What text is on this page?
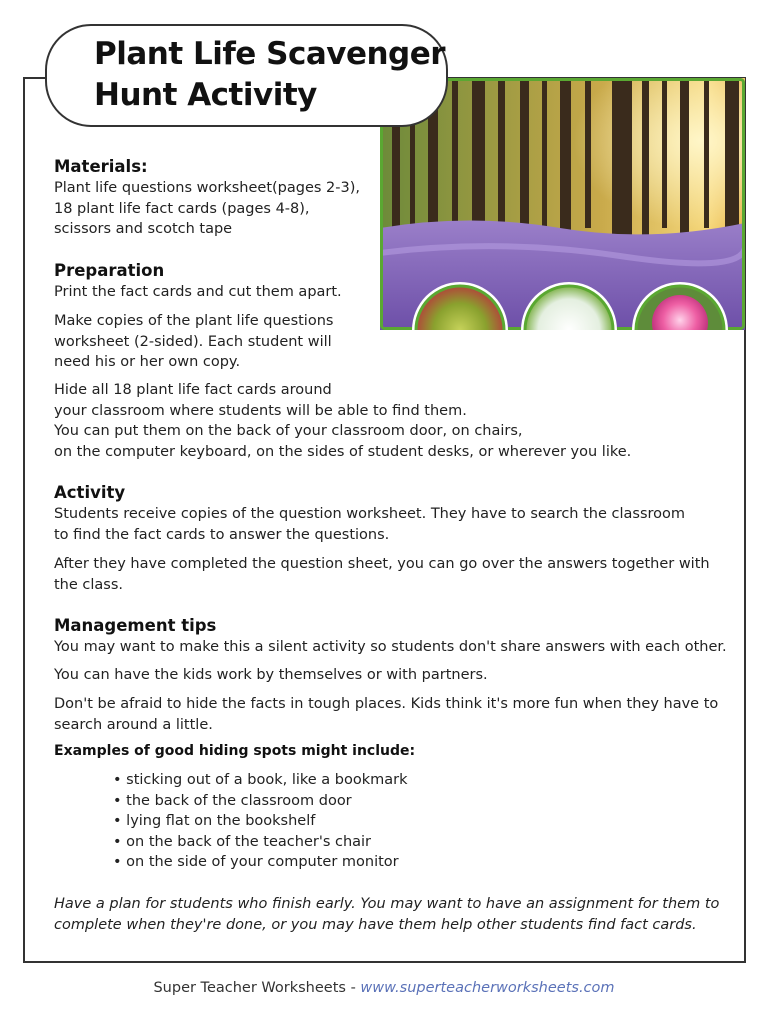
Plant Life Scavenger
Hunt Activity
Materials:
Plant life questions worksheet(pages 2-3),
18 plant life fact cards (pages 4-8),
scissors and scotch tape
Preparation
Print the fact cards and cut them apart.
Make copies of the plant life questions
worksheet (2-sided). Each student will
need his or her own copy.
Hide all 18 plant life fact cards around
your classroom where students will be able to find them.
You can put them on the back of your classroom door, on chairs,
on the computer keyboard, on the sides of student desks, or wherever you like.
Activity
Students receive copies of the question worksheet. They have to search the classroom
to find the fact cards to answer the questions.
After they have completed the question sheet, you can go over the answers together with
the class.
Management tips
You may want to make this a silent activity so students don't share answers with each other.
You can have the kids work by themselves or with partners.
Don't be afraid to hide the facts in tough places. Kids think it's more fun when they have to
search around a little.
Examples of good hiding spots might include:
• sticking out of a book, like a bookmark
• the back of the classroom door
• lying flat on the bookshelf
• on the back of the teacher's chair
• on the side of your computer monitor
Have a plan for students who finish early. You may want to have an assignment for them to
complete when they're done, or you may have them help other students find fact cards.
Super Teacher Worksheets - www.superteacherworksheets.com
